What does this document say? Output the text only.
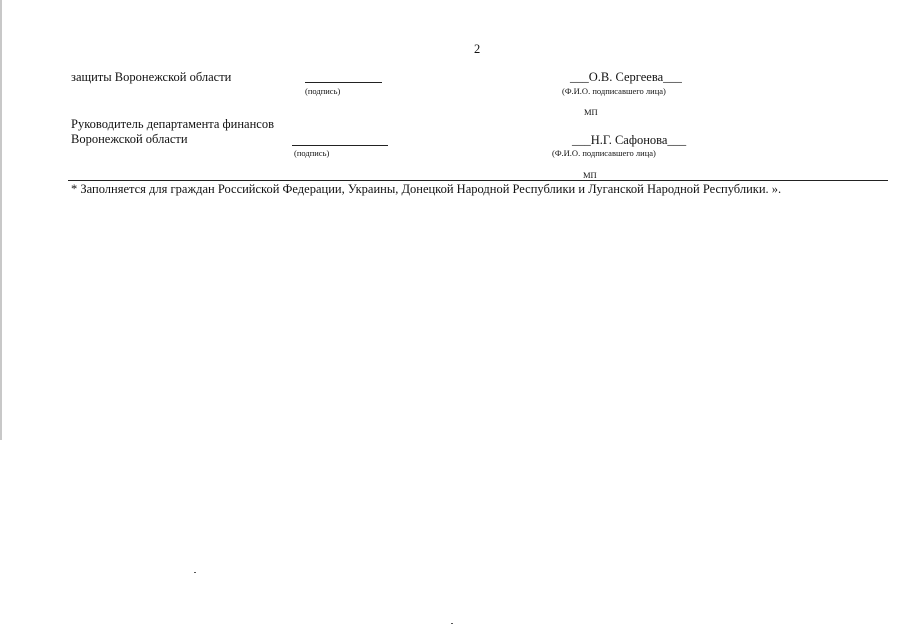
2
защиты Воронежской области
(подпись)
___О.В. Сергеева___
(Ф.И.О. подписавшего лица)
МП
Руководитель департамента финансов
Воронежской области
(подпись)
___Н.Г. Сафонова___
(Ф.И.О. подписавшего лица)
МП
* Заполняется для граждан Российской Федерации, Украины, Донецкой Народной Республики и Луганской Народной Республики. ».
